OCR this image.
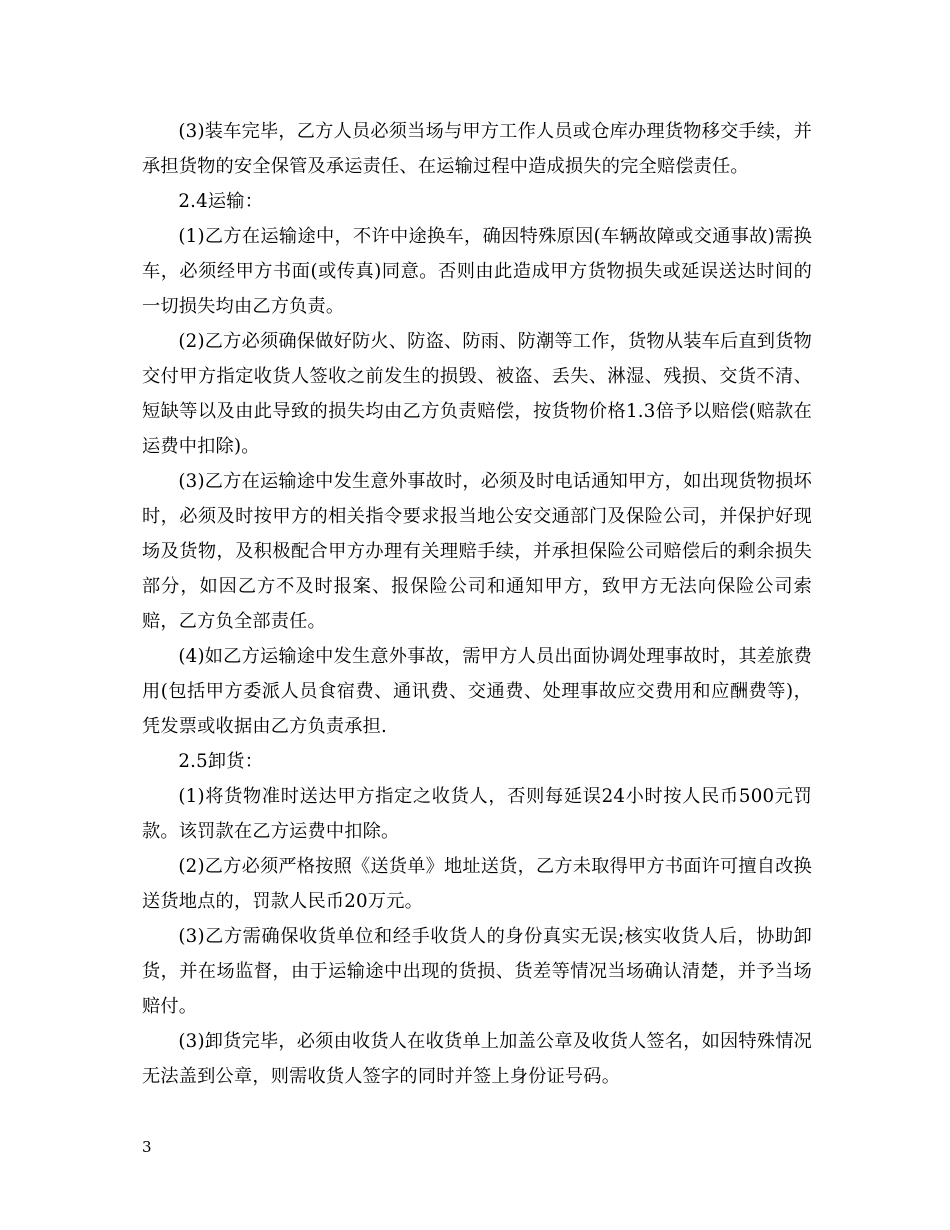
(3)装车完毕，乙方人员必须当场与甲方工作人员或仓库办理货物移交手续，并承担货物的安全保管及承运责任、在运输过程中造成损失的完全赔偿责任。

2.4运输：

(1)乙方在运输途中，不许中途换车，确因特殊原因(车辆故障或交通事故)需换车，必须经甲方书面(或传真)同意。否则由此造成甲方货物损失或延误送达时间的一切损失均由乙方负责。

(2)乙方必须确保做好防火、防盗、防雨、防潮等工作，货物从装车后直到货物交付甲方指定收货人签收之前发生的损毁、被盗、丢失、淋湿、残损、交货不清、短缺等以及由此导致的损失均由乙方负责赔偿，按货物价格1.3倍予以赔偿(赔款在运费中扣除)。

(3)乙方在运输途中发生意外事故时，必须及时电话通知甲方，如出现货物损坏时，必须及时按甲方的相关指令要求报当地公安交通部门及保险公司，并保护好现场及货物，及积极配合甲方办理有关理赔手续，并承担保险公司赔偿后的剩余损失部分，如因乙方不及时报案、报保险公司和通知甲方，致甲方无法向保险公司索赔，乙方负全部责任。

(4)如乙方运输途中发生意外事故，需甲方人员出面协调处理事故时，其差旅费用(包括甲方委派人员食宿费、通讯费、交通费、处理事故应交费用和应酬费等)，凭发票或收据由乙方负责承担.

2.5卸货：

(1)将货物准时送达甲方指定之收货人，否则每延误24小时按人民币500元罚款。该罚款在乙方运费中扣除。

(2)乙方必须严格按照《送货单》地址送货，乙方未取得甲方书面许可擅自改换送货地点的，罚款人民币20万元。

(3)乙方需确保收货单位和经手收货人的身份真实无误;核实收货人后，协助卸货，并在场监督，由于运输途中出现的货损、货差等情况当场确认清楚，并予当场赔付。

(3)卸货完毕，必须由收货人在收货单上加盖公章及收货人签名，如因特殊情况无法盖到公章，则需收货人签字的同时并签上身份证号码。

3
